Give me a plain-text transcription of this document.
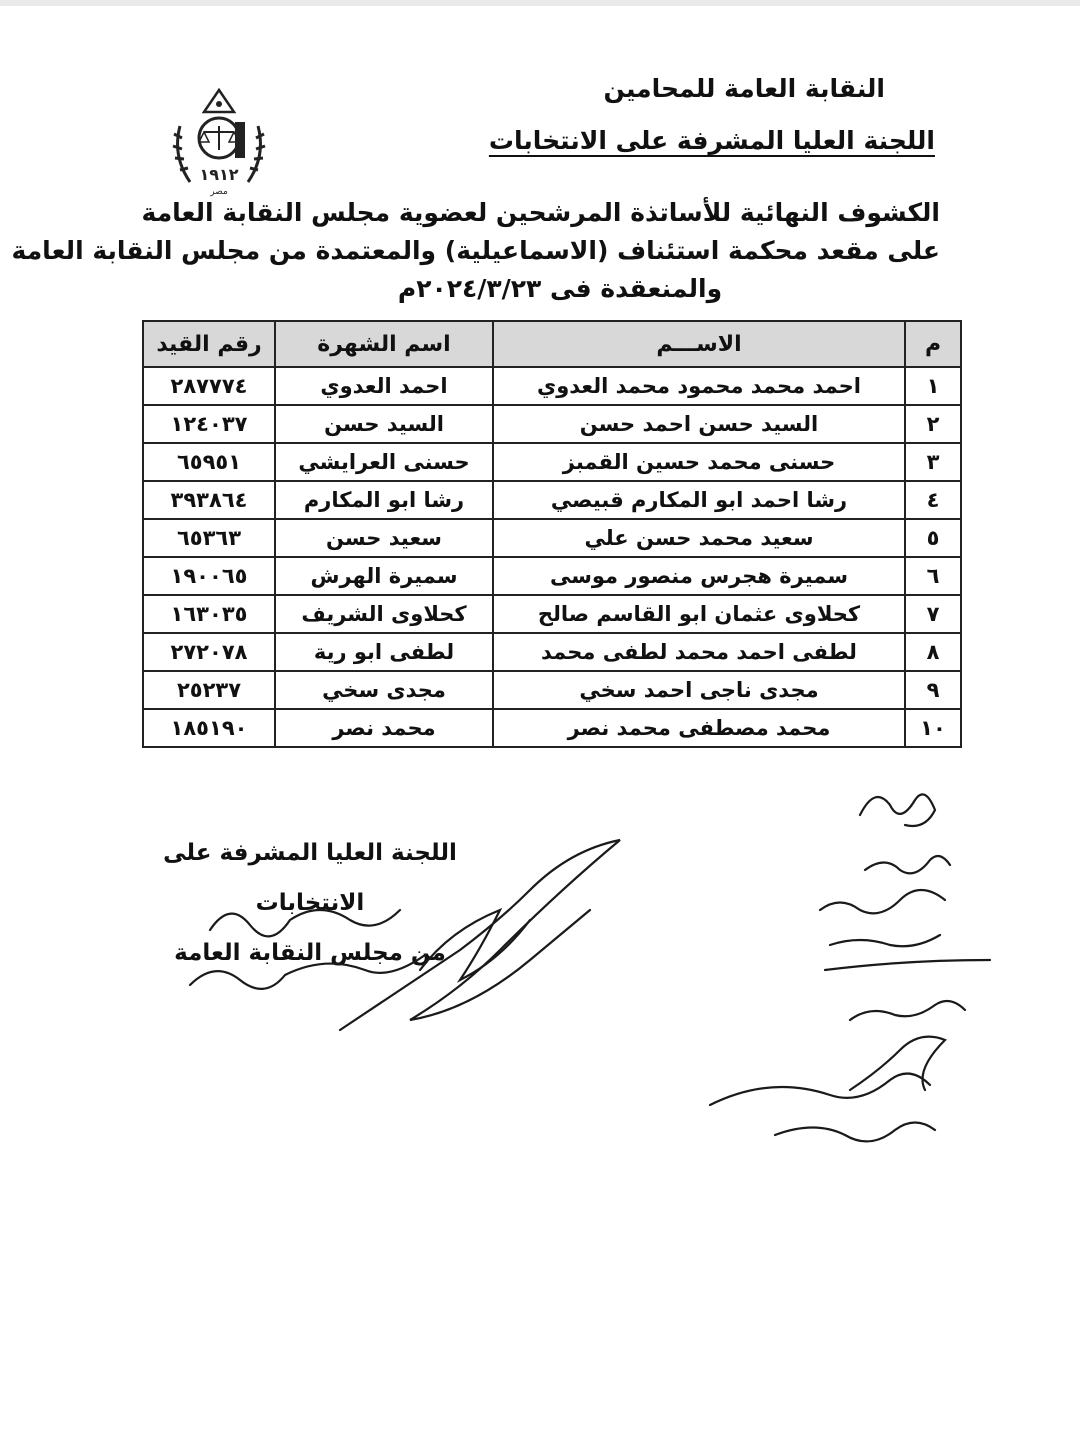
النقابة العامة للمحامين
اللجنة العليا المشرفة على الانتخابات
١٩١٢
مصر
الكشوف النهائية للأساتذة المرشحين لعضوية مجلس النقابة العامة
على مقعد محكمة استئناف (الاسماعيلية) والمعتمدة من مجلس النقابة العامة
والمنعقدة فى ٢٠٢٤/٣/٢٣م
م	الاســـم	اسم الشهرة	رقم القيد
١	احمد محمد محمود محمد العدوي	احمد العدوي	٢٨٧٧٧٤
٢	السيد حسن احمد حسن	السيد حسن	١٢٤٠٣٧
٣	حسنى محمد حسين القمبز	حسنى العرايشي	٦٥٩٥١
٤	رشا احمد ابو المكارم قبيصي	رشا ابو المكارم	٣٩٣٨٦٤
٥	سعيد محمد حسن علي	سعيد حسن	٦٥٣٦٣
٦	سميرة هجرس منصور موسى	سميرة الهرش	١٩٠٠٦٥
٧	كحلاوى عثمان ابو القاسم صالح	كحلاوى الشريف	١٦٣٠٣٥
٨	لطفى احمد محمد لطفى محمد	لطفى ابو رية	٢٧٢٠٧٨
٩	مجدى ناجى احمد سخي	مجدى سخي	٢٥٢٣٧
١٠	محمد مصطفى محمد نصر	محمد نصر	١٨٥١٩٠
اللجنة العليا المشرفة على الانتخابات
من مجلس النقابة العامة
